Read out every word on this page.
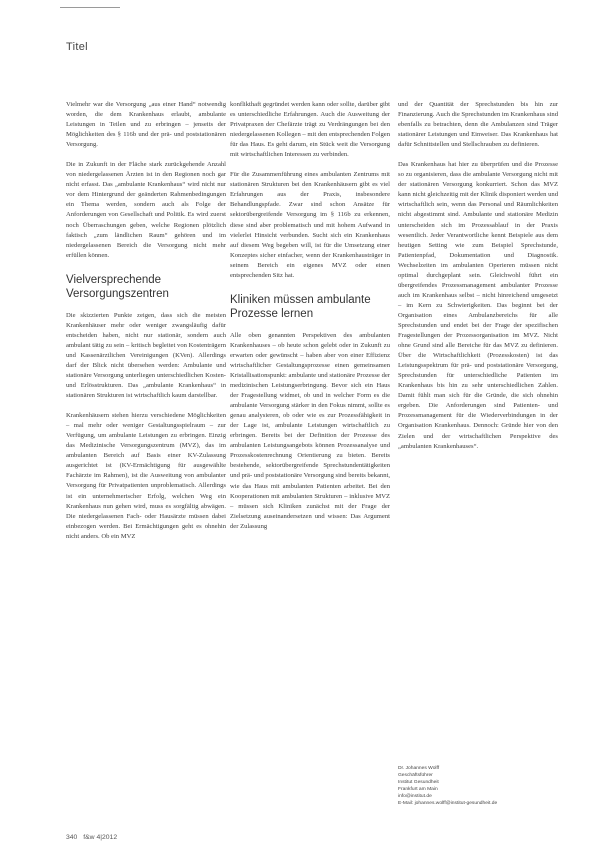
Titel

Vielmehr war die Versorgung „aus einer Hand“ notwendig worden, die dem Krankenhaus erlaubt, ambulante Leistungen in Teilen und zu erbringen – jenseits der Möglichkeiten des § 116b und der prä- und poststationären Versorgung.

Die in Zukunft in der Fläche stark zurückgehende Anzahl von niedergelassenen Ärzten ist in den Regionen noch gar nicht erfasst. Das „ambulante Krankenhaus“ wird nicht nur vor dem Hintergrund der geänderten Rahmenbedingungen ein Thema werden, sondern auch als Folge der Anforderungen von Gesellschaft und Politik. Es wird zuerst noch Überraschungen geben, welche Regionen plötzlich faktisch „zum ländlichen Raum“ gehören und im niedergelassenen Bereich die Versorgung nicht mehr erfüllen können.

Vielversprechende Versorgungszentren

Die skizzierten Punkte zeigen, dass sich die meisten Krankenhäuser mehr oder weniger zwangsläufig dafür entscheiden haben, nicht nur stationär, sondern auch ambulant tätig zu sein – kritisch begleitet von Kostenträgern und Kassenärztlichen Vereinigungen (KVen). Allerdings darf der Blick nicht übersehen werden: Ambulante und stationäre Versorgung unterliegen unterschiedlichen Kosten- und Erlösstrukturen. Das „ambulante Krankenhaus“ in stationären Strukturen ist wirtschaftlich kaum darstellbar.

Krankenhäusern stehen hierzu verschiedene Möglichkeiten – mal mehr oder weniger Gestaltungsspielraum – zur Verfügung, um ambulante Leistungen zu erbringen. Einzig das Medizinische Versorgungszentrum (MVZ), das im ambulanten Bereich auf Basis einer KV-Zulassung ausgerichtet ist (KV-Ermächtigung für ausgewählte Fachärzte im Rahmen), ist die Ausweitung von ambulanter Versorgung für Privatpatienten unproblematisch. Allerdings ist ein unternehmerischer Erfolg, welchen Weg ein Krankenhaus nun gehen wird, muss es sorgfältig abwägen. Die niedergelassenen Fach- oder Hausärzte müssen dabei einbezogen werden. Bei Ermächtigungen geht es ohnehin nicht anders. Ob ein MVZ

konflikthaft gegründet werden kann oder sollte, darüber gibt es unterschiedliche Erfahrungen. Auch die Ausweitung der Privatpraxen der Chefärzte trägt zu Verdrängungen bei den niedergelassenen Kollegen – mit den entsprechenden Folgen für das Haus. Es geht darum, ein Stück weit die Versorgung mit wirtschaftlichen Interessen zu verbinden.

Für die Zusammenführung eines ambulanten Zentrums mit stationären Strukturen bei den Krankenhäusern gibt es viel Erfahrungen aus der Praxis, insbesondere Behandlungspfade. Zwar sind schon Ansätze für sektorübergreifende Versorgung im § 116b zu erkennen, diese sind aber problematisch und mit hohem Aufwand in vielerlei Hinsicht verbunden. Sucht sich ein Krankenhaus auf diesem Weg begeben will, ist für die Umsetzung einer Konzeptes sicher einfacher, wenn der Krankenhausträger in seinem Bereich ein eigenes MVZ oder einen entsprechenden Sitz hat.

Kliniken müssen ambulante Prozesse lernen

Alle oben genannten Perspektiven des ambulanten Krankenhauses – ob heute schon gelebt oder in Zukunft zu erwarten oder gewünscht – haben aber von einer Effizienz wirtschaftlicher Gestaltungsprozesse einen gemeinsamen Kristallisationspunkt: ambulante und stationäre Prozesse der medizinischen Leistungserbringung. Bevor sich ein Haus der Fragestellung widmet, ob und in welcher Form es die ambulante Versorgung stärker in den Fokus nimmt, sollte es genau analysieren, ob oder wie es zur Prozessfähigkeit in der Lage ist, ambulante Leistungen wirtschaftlich zu erbringen. Bereits bei der Definition der Prozesse des ambulanten Leistungsangebots können Prozessanalyse und Prozesskostenrechnung Orientierung zu bieten. Bereits bestehende, sektorübergreifende Sprechstundentätigkeiten und prä- und poststationäre Versorgung sind bereits bekannt, wie das Haus mit ambulanten Patienten arbeitet. Bei den Kooperationen mit ambulanten Strukturen – inklusive MVZ – müssen sich Kliniken zunächst mit der Frage der Zielsetzung auseinandersetzen und wissen: Das Argument der Zulassung

und der Quantität der Sprechstunden bis hin zur Finanzierung. Auch die Sprechstunden im Krankenhaus sind ebenfalls zu betrachten, denn die Ambulanzen sind Träger stationärer Leistungen und Einweiser. Das Krankenhaus hat dafür Schnittstellen und Stellschrauben zu definieren.

Das Krankenhaus hat hier zu überprüfen und die Prozesse so zu organisieren, dass die ambulante Versorgung nicht mit der stationären Versorgung konkurriert. Schon das MVZ kann nicht gleichzeitig mit der Klinik disponiert werden und wirtschaftlich sein, wenn das Personal und Räumlichkeiten nicht abgestimmt sind. Ambulante und stationäre Medizin unterscheiden sich im Prozessablauf in der Praxis wesentlich. Jeder Verantwortliche kennt Beispiele aus dem heutigen Setting wie zum Beispiel Sprechstunde, Patientenpfad, Dokumentation und Diagnostik. Wechselzeiten im ambulanten Operieren müssen nicht optimal durchgeplant sein. Gleichwohl führt ein übergreifendes Prozessmanagement ambulanter Prozesse auch im Krankenhaus selbst – nicht hinreichend umgesetzt – im Kern zu Schwierigkeiten. Das beginnt bei der Organisation eines Ambulanzbereichs für alle Sprechstunden und endet bei der Frage der spezifischen Fragestellungen der Prozessorganisation im MVZ. Nicht ohne Grund sind alle Bereiche für das MVZ zu definieren. Über die Wirtschaftlichkeit (Prozesskosten) ist das Leistungsspektrum für prä- und poststationäre Versorgung, Sprechstunden für unterschiedliche Patienten im Krankenhaus bis hin zu sehr unterschiedlichen Zahlen. Damit fühlt man sich für die Gründe, die sich ohnehin ergeben. Die Anforderungen sind Patienten- und Prozessmanagement für die Wiederverbindungen in der Organisation Krankenhaus. Dennoch: Gründe hier von den Zielen und der wirtschaftlichen Perspektive des „ambulanten Krankenhauses“.

Dr. Johannes Wolff
Geschäftsführer
Institut Gesundheit
Frankfurt am Main
info@institut.de
E-Mail: johannes.wolff@institut-gesundheit.de
340 f&w 4|2012
